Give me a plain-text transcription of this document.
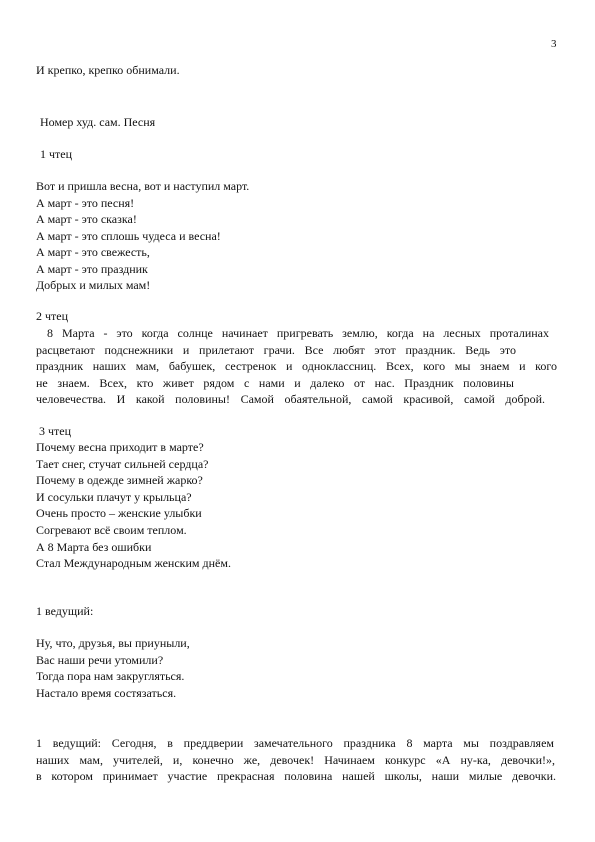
3
И крепко, крепко обнимали.
Номер худ. сам. Песня
1 чтец
Вот и пришла весна, вот и наступил март.
А март - это песня!
А март - это сказка!
А март - это сплошь чудеса и весна!
А март - это свежесть,
А март - это праздник
Добрых и милых мам!
2 чтец
8 Марта - это когда солнце начинает пригревать землю, когда на лесных проталинах
расцветают подснежники и прилетают грачи. Все любят этот праздник. Ведь это
праздник наших мам, бабушек, сестренок и одноклассниц. Всех, кого мы знаем и кого
не знаем. Всех, кто живет рядом с нами и далеко от нас. Праздник половины
человечества. И какой половины! Самой обаятельной, самой красивой, самой доброй.
3 чтец
Почему весна приходит в марте?
Тает снег, стучат сильней сердца?
Почему в одежде зимней жарко?
И сосульки плачут у крыльца?
Очень просто – женские улыбки
Согревают всё своим теплом.
А 8 Марта без ошибки
Стал Международным женским днём.
1 ведущий:
Ну, что, друзья, вы приуныли,
Вас наши речи утомили?
Тогда пора нам закругляться.
Настало время состязаться.
1 ведущий: Сегодня, в преддверии замечательного праздника 8 марта мы поздравляем
наших мам, учителей, и, конечно же, девочек! Начинаем конкурс «А ну-ка, девочки!»,
в котором принимает участие прекрасная половина нашей школы, наши милые девочки.
